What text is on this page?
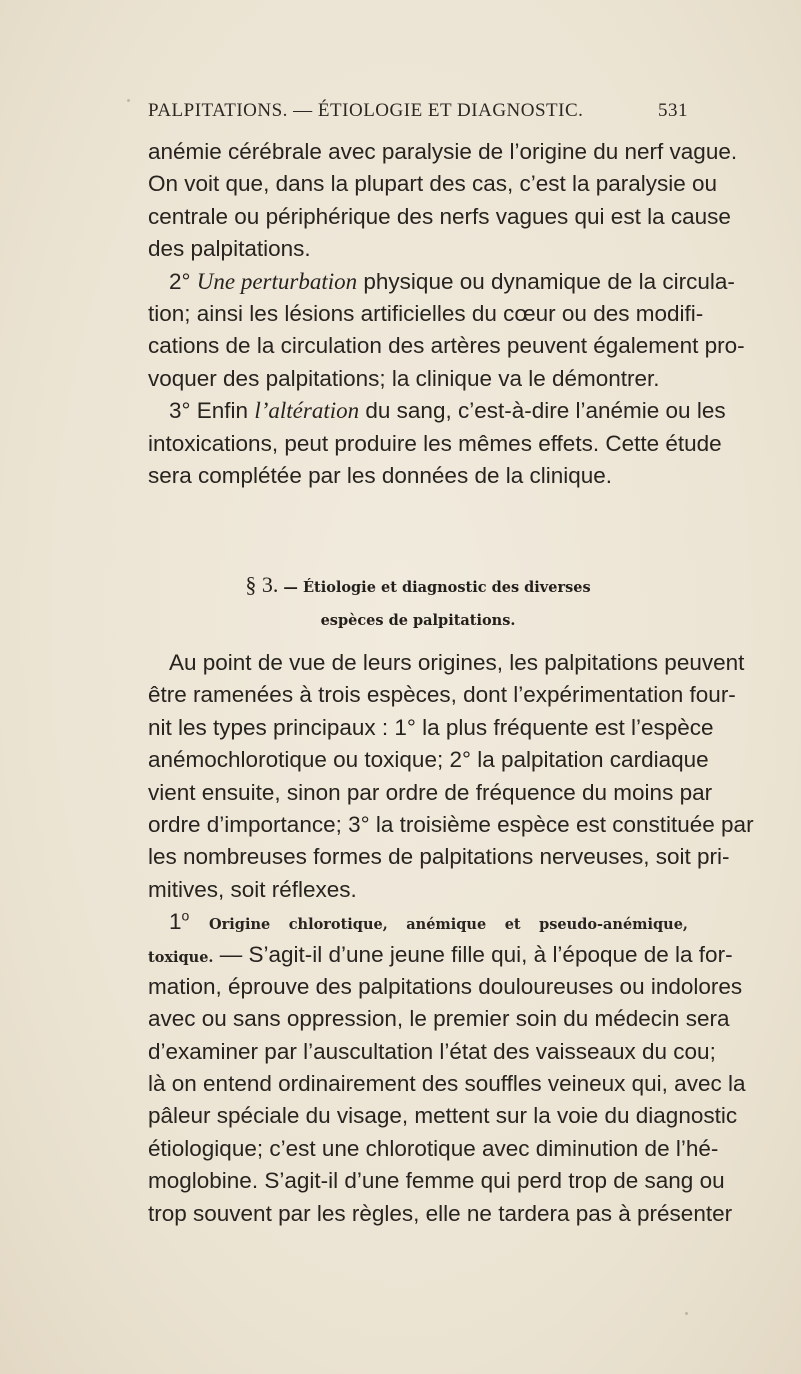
PALPITATIONS. — ÉTIOLOGIE ET DIAGNOSTIC.	531
anémie cérébrale avec paralysie de l’origine du nerf vague.
On voit que, dans la plupart des cas, c’est la paralysie ou
centrale ou périphérique des nerfs vagues qui est la cause
des palpitations.
2° Une perturbation physique ou dynamique de la circula-
tion; ainsi les lésions artificielles du cœur ou des modifi-
cations de la circulation des artères peuvent également pro-
voquer des palpitations; la clinique va le démontrer.
3° Enfin l’altération du sang, c’est-à-dire l’anémie ou les
intoxications, peut produire les mêmes effets. Cette étude
sera complétée par les données de la clinique.
§ 3. — Étiologie et diagnostic des diverses
espèces de palpitations.
Au point de vue de leurs origines, les palpitations peuvent
être ramenées à trois espèces, dont l’expérimentation four-
nit les types principaux : 1° la plus fréquente est l’espèce
anémochlorotique ou toxique; 2° la palpitation cardiaque
vient ensuite, sinon par ordre de fréquence du moins par
ordre d’importance; 3° la troisième espèce est constituée par
les nombreuses formes de palpitations nerveuses, soit pri-
mitives, soit réflexes.
1$^o$ Origine chlorotique, anémique et pseudo-anémique,
toxique. — S’agit-il d’une jeune fille qui, à l’époque de la for-
mation, éprouve des palpitations douloureuses ou indolores
avec ou sans oppression, le premier soin du médecin sera
d’examiner par l’auscultation l’état des vaisseaux du cou;
là on entend ordinairement des souffles veineux qui, avec la
pâleur spéciale du visage, mettent sur la voie du diagnostic
étiologique; c’est une chlorotique avec diminution de l’hé-
moglobine. S’agit-il d’une femme qui perd trop de sang ou
trop souvent par les règles, elle ne tardera pas à présenter
